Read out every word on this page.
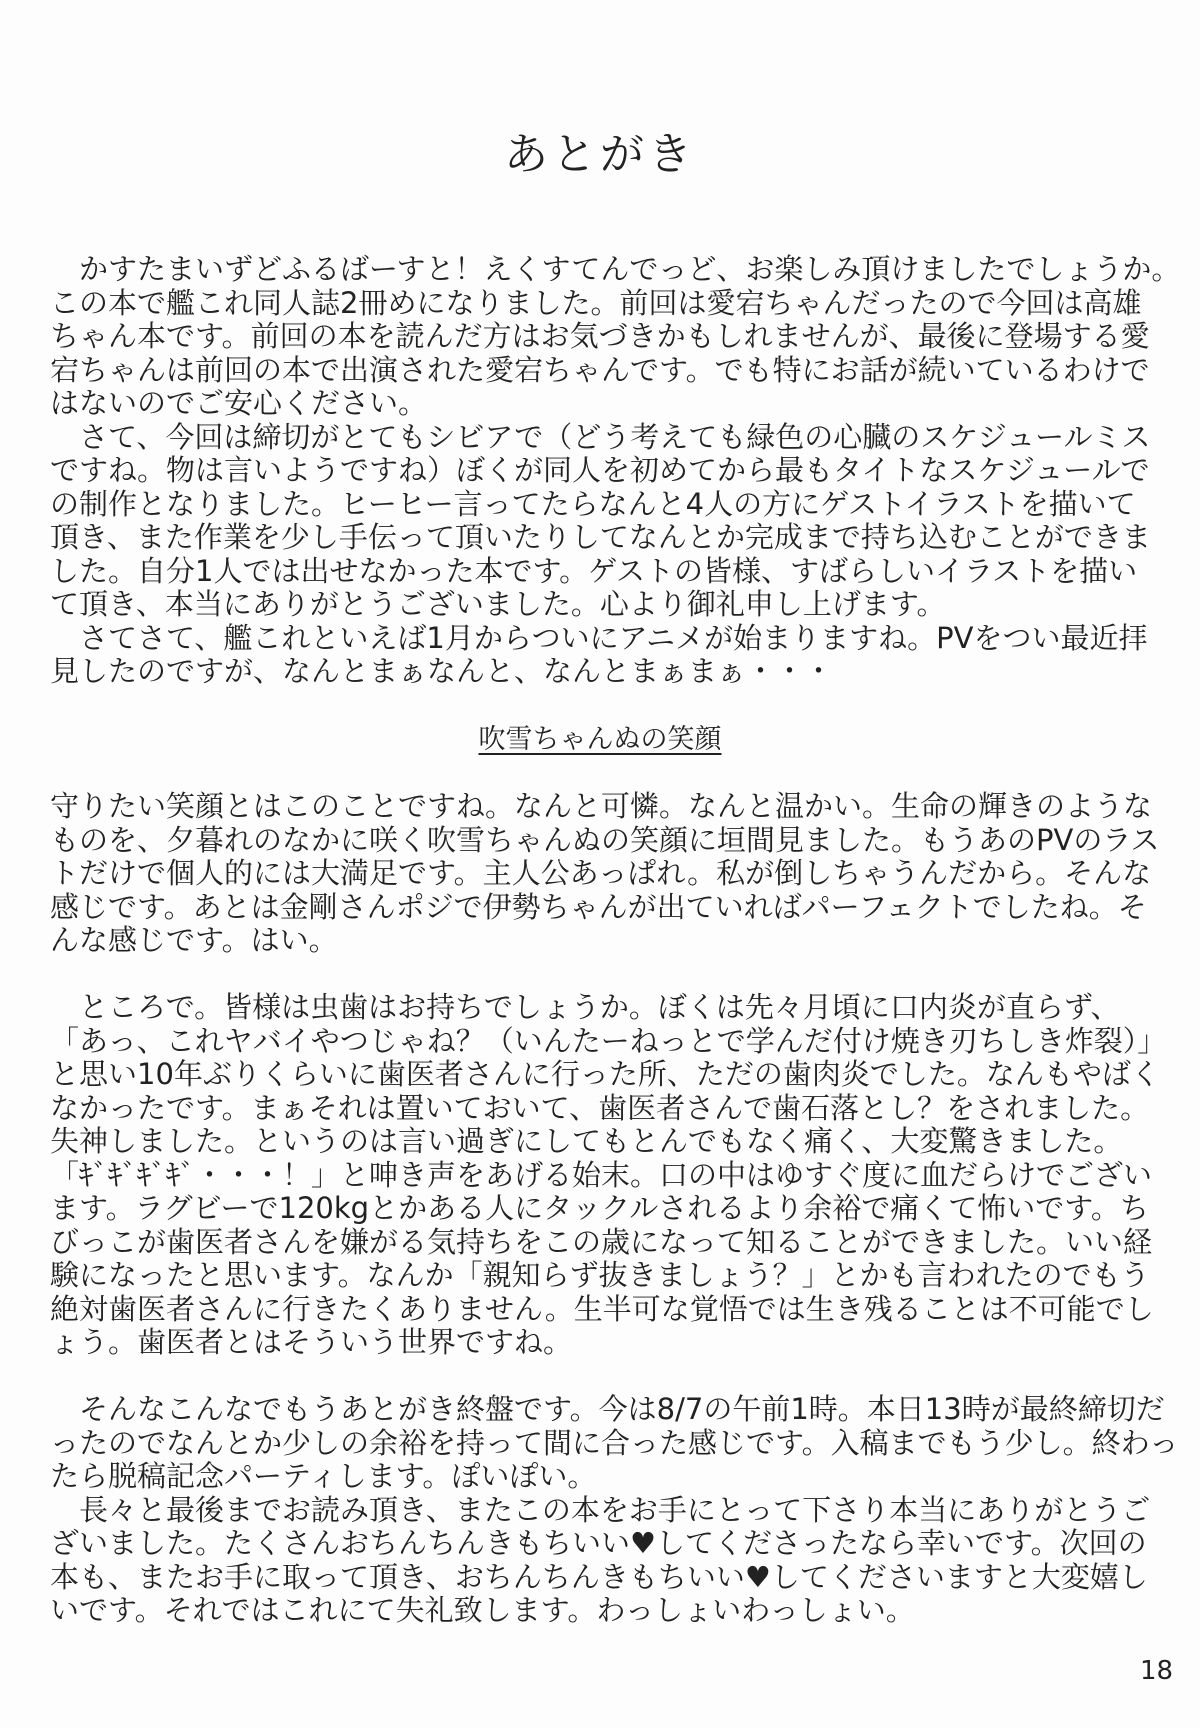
あとがき
　かすたまいずどふるばーすと！えくすてんでっど、お楽しみ頂けましたでしょうか。
この本で艦これ同人誌2冊めになりました。前回は愛宕ちゃんだったので今回は高雄
ちゃん本です。前回の本を読んだ方はお気づきかもしれませんが、最後に登場する愛
宕ちゃんは前回の本で出演された愛宕ちゃんです。でも特にお話が続いているわけで
はないのでご安心ください。
　さて、今回は締切がとてもシビアで（どう考えても緑色の心臓のスケジュールミス
ですね。物は言いようですね）ぼくが同人を初めてから最もタイトなスケジュールで
の制作となりました。ヒーヒー言ってたらなんと4人の方にゲストイラストを描いて
頂き、また作業を少し手伝って頂いたりしてなんとか完成まで持ち込むことができま
した。自分1人では出せなかった本です。ゲストの皆様、すばらしいイラストを描い
て頂き、本当にありがとうございました。心より御礼申し上げます。
　さてさて、艦これといえば1月からついにアニメが始まりますね。PVをつい最近拝
見したのですが、なんとまぁなんと、なんとまぁまぁ・・・
吹雪ちゃんぬの笑顔
守りたい笑顔とはこのことですね。なんと可憐。なんと温かい。生命の輝きのような
ものを、夕暮れのなかに咲く吹雪ちゃんぬの笑顔に垣間見ました。もうあのPVのラス
トだけで個人的には大満足です。主人公あっぱれ。私が倒しちゃうんだから。そんな
感じです。あとは金剛さんポジで伊勢ちゃんが出ていればパーフェクトでしたね。そ
んな感じです。はい。
　ところで。皆様は虫歯はお持ちでしょうか。ぼくは先々月頃に口内炎が直らず、
「あっ、これヤバイやつじゃね？（いんたーねっとで学んだ付け焼き刃ちしき炸裂）」
と思い10年ぶりくらいに歯医者さんに行った所、ただの歯肉炎でした。なんもやばく
なかったです。まぁそれは置いておいて、歯医者さんで歯石落とし？をされました。
失神しました。というのは言い過ぎにしてもとんでもなく痛く、大変驚きました。
「ｷﾞｷﾞｷﾞｷﾞ・・・！」と呻き声をあげる始末。口の中はゆすぐ度に血だらけでござい
ます。ラグビーで120kgとかある人にタックルされるより余裕で痛くて怖いです。ち
びっこが歯医者さんを嫌がる気持ちをこの歳になって知ることができました。いい経
験になったと思います。なんか「親知らず抜きましょう？」とかも言われたのでもう
絶対歯医者さんに行きたくありません。生半可な覚悟では生き残ることは不可能でし
ょう。歯医者とはそういう世界ですね。
　そんなこんなでもうあとがき終盤です。今は8/7の午前1時。本日13時が最終締切だ
ったのでなんとか少しの余裕を持って間に合った感じです。入稿までもう少し。終わっ
たら脱稿記念パーティします。ぽいぽい。
　長々と最後までお読み頂き、またこの本をお手にとって下さり本当にありがとうご
ざいました。たくさんおちんちんきもちいい♥してくださったなら幸いです。次回の
本も、またお手に取って頂き、おちんちんきもちいい♥してくださいますと大変嬉し
いです。それではこれにて失礼致します。わっしょいわっしょい。
18
